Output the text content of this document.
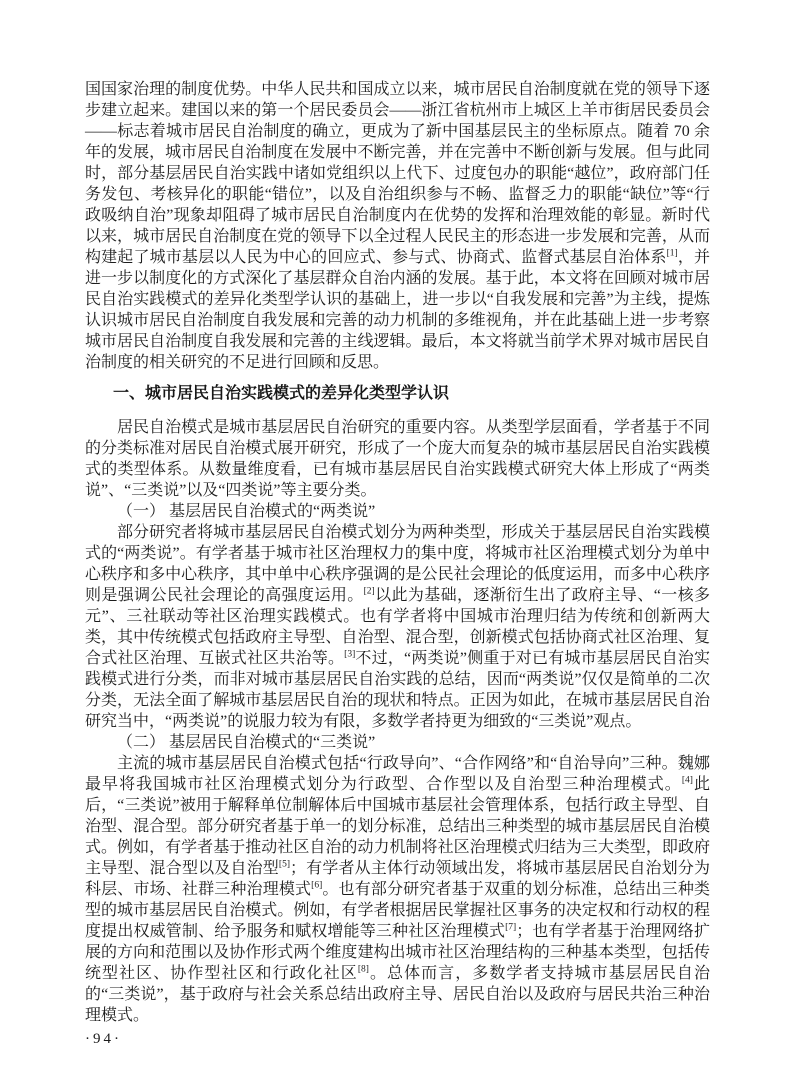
国国家治理的制度优势。中华人民共和国成立以来，城市居民自治制度就在党的领导下逐步建立起来。建国以来的第一个居民委员会——浙江省杭州市上城区上羊市街居民委员会——标志着城市居民自治制度的确立，更成为了新中国基层民主的坐标原点。随着 70 余年的发展，城市居民自治制度在发展中不断完善，并在完善中不断创新与发展。但与此同时，部分基层居民自治实践中诸如党组织以上代下、过度包办的职能“越位”，政府部门任务发包、考核异化的职能“错位”，以及自治组织参与不畅、监督乏力的职能“缺位”等“行政吸纳自治”现象却阻碍了城市居民自治制度内在优势的发挥和治理效能的彰显。新时代以来，城市居民自治制度在党的领导下以全过程人民民主的形态进一步发展和完善，从而构建起了城市基层以人民为中心的回应式、参与式、协商式、监督式基层自治体系[1]，并进一步以制度化的方式深化了基层群众自治内涵的发展。基于此，本文将在回顾对城市居民自治实践模式的差异化类型学认识的基础上，进一步以“自我发展和完善”为主线，提炼认识城市居民自治制度自我发展和完善的动力机制的多维视角，并在此基础上进一步考察城市居民自治制度自我发展和完善的主线逻辑。最后，本文将就当前学术界对城市居民自治制度的相关研究的不足进行回顾和反思。

一、城市居民自治实践模式的差异化类型学认识

居民自治模式是城市基层居民自治研究的重要内容。从类型学层面看，学者基于不同的分类标准对居民自治模式展开研究，形成了一个庞大而复杂的城市基层居民自治实践模式的类型体系。从数量维度看，已有城市基层居民自治实践模式研究大体上形成了“两类说”、“三类说”以及“四类说”等主要分类。

（一） 基层居民自治模式的“两类说”

部分研究者将城市基层居民自治模式划分为两种类型，形成关于基层居民自治实践模式的“两类说”。有学者基于城市社区治理权力的集中度，将城市社区治理模式划分为单中心秩序和多中心秩序，其中单中心秩序强调的是公民社会理论的低度运用，而多中心秩序则是强调公民社会理论的高强度运用。[2]以此为基础，逐渐衍生出了政府主导、“一核多元”、三社联动等社区治理实践模式。也有学者将中国城市治理归结为传统和创新两大类，其中传统模式包括政府主导型、自治型、混合型，创新模式包括协商式社区治理、复合式社区治理、互嵌式社区共治等。[3]不过，“两类说”侧重于对已有城市基层居民自治实践模式进行分类，而非对城市基层居民自治实践的总结，因而“两类说”仅仅是简单的二次分类，无法全面了解城市基层居民自治的现状和特点。正因为如此，在城市基层居民自治研究当中，“两类说”的说服力较为有限，多数学者持更为细致的“三类说”观点。

（二） 基层居民自治模式的“三类说”

主流的城市基层居民自治模式包括“行政导向”、“合作网络”和“自治导向”三种。魏娜最早将我国城市社区治理模式划分为行政型、合作型以及自治型三种治理模式。[4]此后，“三类说”被用于解释单位制解体后中国城市基层社会管理体系，包括行政主导型、自治型、混合型。部分研究者基于单一的划分标准，总结出三种类型的城市基层居民自治模式。例如，有学者基于推动社区自治的动力机制将社区治理模式归结为三大类型，即政府主导型、混合型以及自治型[5]；有学者从主体行动领域出发，将城市基层居民自治划分为科层、市场、社群三种治理模式[6]。也有部分研究者基于双重的划分标准，总结出三种类型的城市基层居民自治模式。例如，有学者根据居民掌握社区事务的决定权和行动权的程度提出权威管制、给予服务和赋权增能等三种社区治理模式[7]；也有学者基于治理网络扩展的方向和范围以及协作形式两个维度建构出城市社区治理结构的三种基本类型，包括传统型社区、协作型社区和行政化社区[8]。总体而言，多数学者支持城市基层居民自治的“三类说”，基于政府与社会关系总结出政府主导、居民自治以及政府与居民共治三种治理模式。

·94·
